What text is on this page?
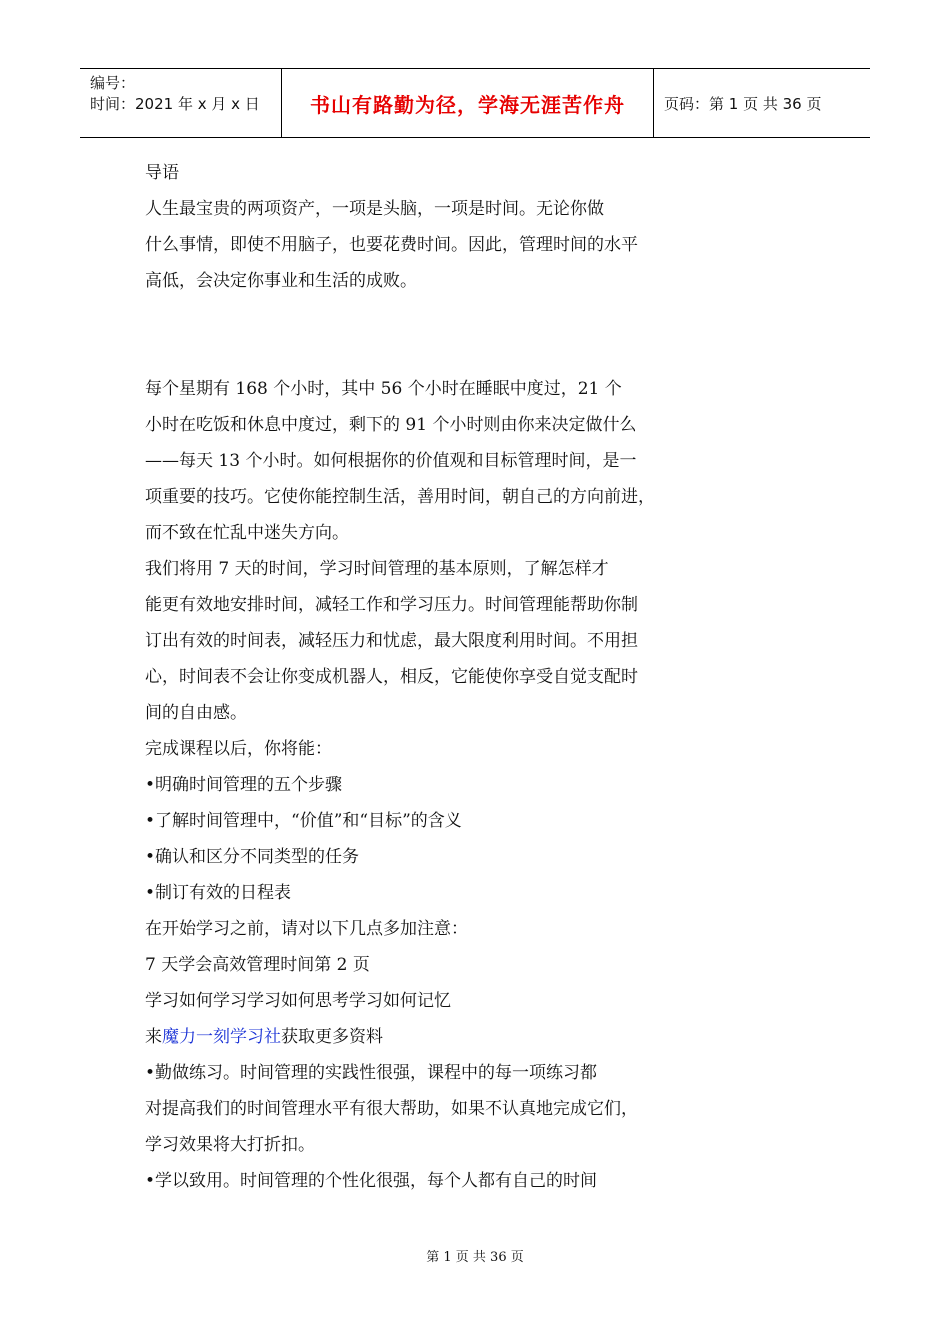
编号：
时间：2021 年 x 月 x 日	书山有路勤为径，学海无涯苦作舟	页码：第 1 页 共 36 页
导语
人生最宝贵的两项资产，一项是头脑，一项是时间。无论你做
什么事情，即使不用脑子，也要花费时间。因此，管理时间的水平
高低，会决定你事业和生活的成败。
每个星期有 168 个小时，其中 56 个小时在睡眠中度过，21 个
小时在吃饭和休息中度过，剩下的 91 个小时则由你来决定做什么
——每天 13 个小时。如何根据你的价值观和目标管理时间，是一
项重要的技巧。它使你能控制生活，善用时间，朝自己的方向前进，
而不致在忙乱中迷失方向。
我们将用 7 天的时间，学习时间管理的基本原则，了解怎样才
能更有效地安排时间，减轻工作和学习压力。时间管理能帮助你制
订出有效的时间表，减轻压力和忧虑，最大限度利用时间。不用担
心，时间表不会让你变成机器人，相反，它能使你享受自觉支配时
间的自由感。
完成课程以后，你将能：
•明确时间管理的五个步骤
•了解时间管理中，“价值”和“目标”的含义
•确认和区分不同类型的任务
•制订有效的日程表
在开始学习之前，请对以下几点多加注意：
7 天学会高效管理时间第 2 页
学习如何学习学习如何思考学习如何记忆
来魔力一刻学习社获取更多资料
•勤做练习。时间管理的实践性很强，课程中的每一项练习都
对提高我们的时间管理水平有很大帮助，如果不认真地完成它们，
学习效果将大打折扣。
•学以致用。时间管理的个性化很强，每个人都有自己的时间
第 1 页 共 36 页
